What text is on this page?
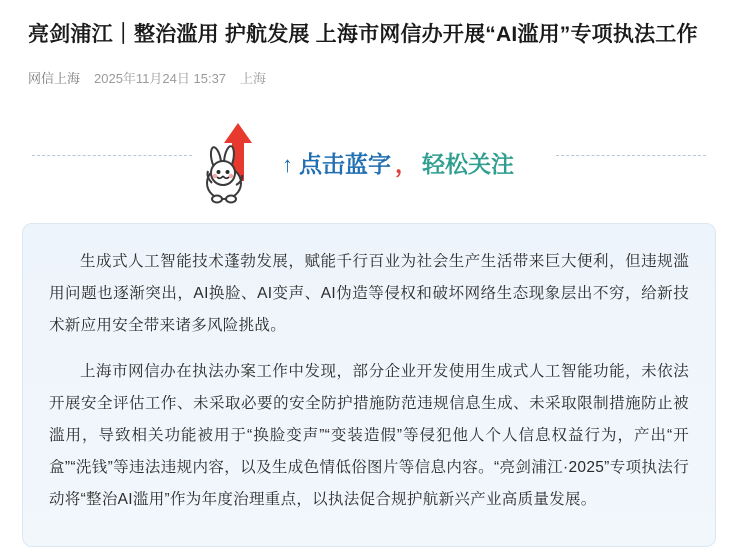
亮剑浦江｜整治滥用 护航发展 上海市网信办开展“AI滥用”专项执法工作
网信上海 2025年11月24日 15:37 上海
↑ 点击蓝字 ， 轻松关注

生成式人工智能技术蓬勃发展，赋能千行百业为社会生产生活带来巨大便利，但违规滥用问题也逐渐突出，AI换脸、AI变声、AI伪造等侵权和破坏网络生态现象层出不穷，给新技术新应用安全带来诸多风险挑战。

上海市网信办在执法办案工作中发现，部分企业开发使用生成式人工智能功能，未依法开展安全评估工作、未采取必要的安全防护措施防范违规信息生成、未采取限制措施防止被滥用，导致相关功能被用于“换脸变声”“变装造假”等侵犯他人个人信息权益行为，产出“开盒”“洗钱”等违法违规内容，以及生成色情低俗图片等信息内容。“亮剑浦江·2025”专项执法行动将“整治AI滥用”作为年度治理重点，以执法促合规护航新兴产业高质量发展。
